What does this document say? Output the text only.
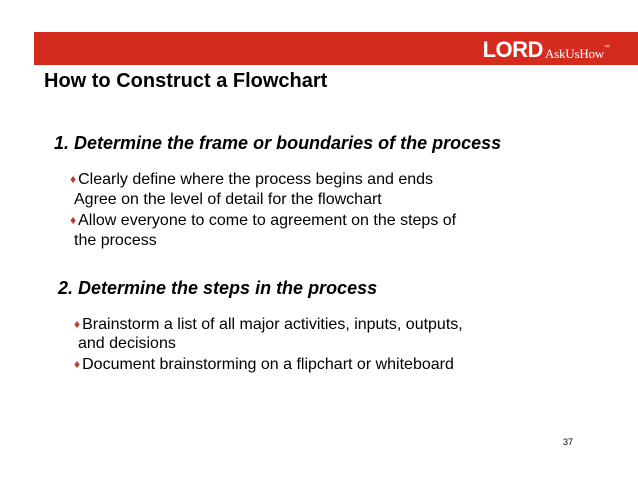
LORD AskUsHow ™
How to Construct a Flowchart
1. Determine the frame or boundaries of the process
♦ Clearly define where the process begins and ends
Agree on the level of detail for the flowchart
♦ Allow everyone to come to agreement on the steps of
the process
2. Determine the steps in the process
♦ Brainstorm a list of all major activities, inputs, outputs,
and decisions
♦ Document brainstorming on a flipchart or whiteboard
37
